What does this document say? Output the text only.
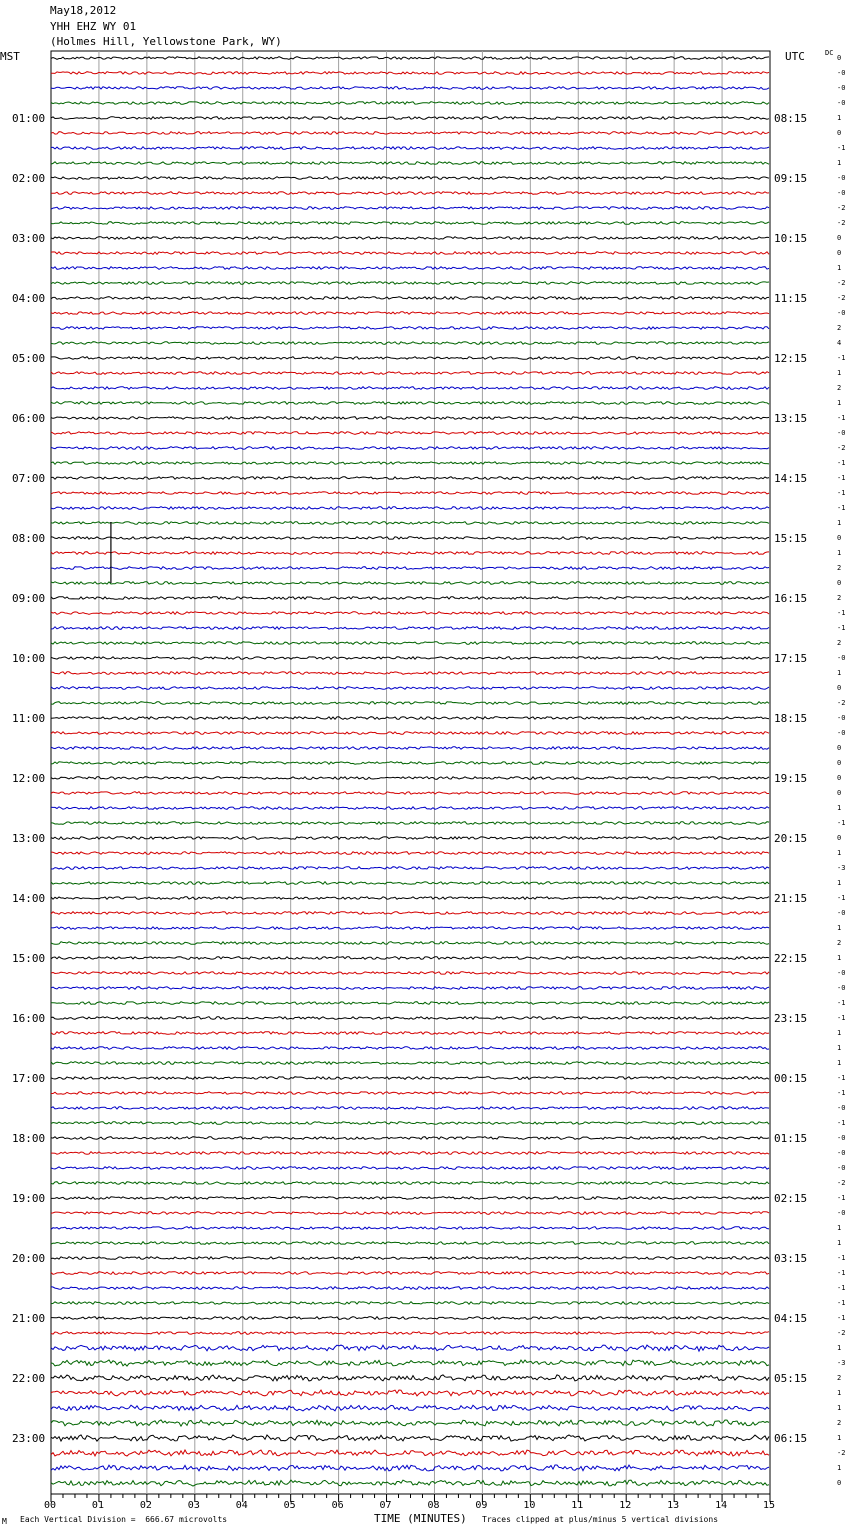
May18,2012
YHH EHZ WY 01
(Holmes Hill, Yellowstone Park, WY)
MST	UTC	DC
0
-0
-0
-0
1
0
-1
1
-0
-0
-2
-2
0
0
1
-2
-2
-0
2
4
-1
1
2
1
-1
-0
-2
-1
-1
-1
-1
1
0
1
2
0
2
-1
-1
2
-0
1
0
-2
-0
-0
0
0
0
0
1
-1
0
1
-3
1
-1
-0
1
2
1
-0
-0
-1
-1
1
1
1
-1
-1
-0
-1
-0
-0
-0
-2
-1
-0
1
1
-1
-1
-1
-1
-1
-2
1
-3
2
1
1
2
1
-2
1
0
01:00	08:15
02:00	09:15
03:00	10:15
04:00	11:15
05:00	12:15
06:00	13:15
07:00	14:15
08:00	15:15
09:00	16:15
10:00	17:15
11:00	18:15
12:00	19:15
13:00	20:15
14:00	21:15
15:00	22:15
16:00	23:15
17:00	00:15
18:00	01:15
19:00	02:15
20:00	03:15
21:00	04:15
22:00	05:15
23:00	06:15
00	01	02	03	04	05	06	07	08	09	10	11	12	13	14	15
M Each Vertical Division =  666.67 microvolts	TIME (MINUTES) Traces clipped at plus/minus 5 vertical divisions
